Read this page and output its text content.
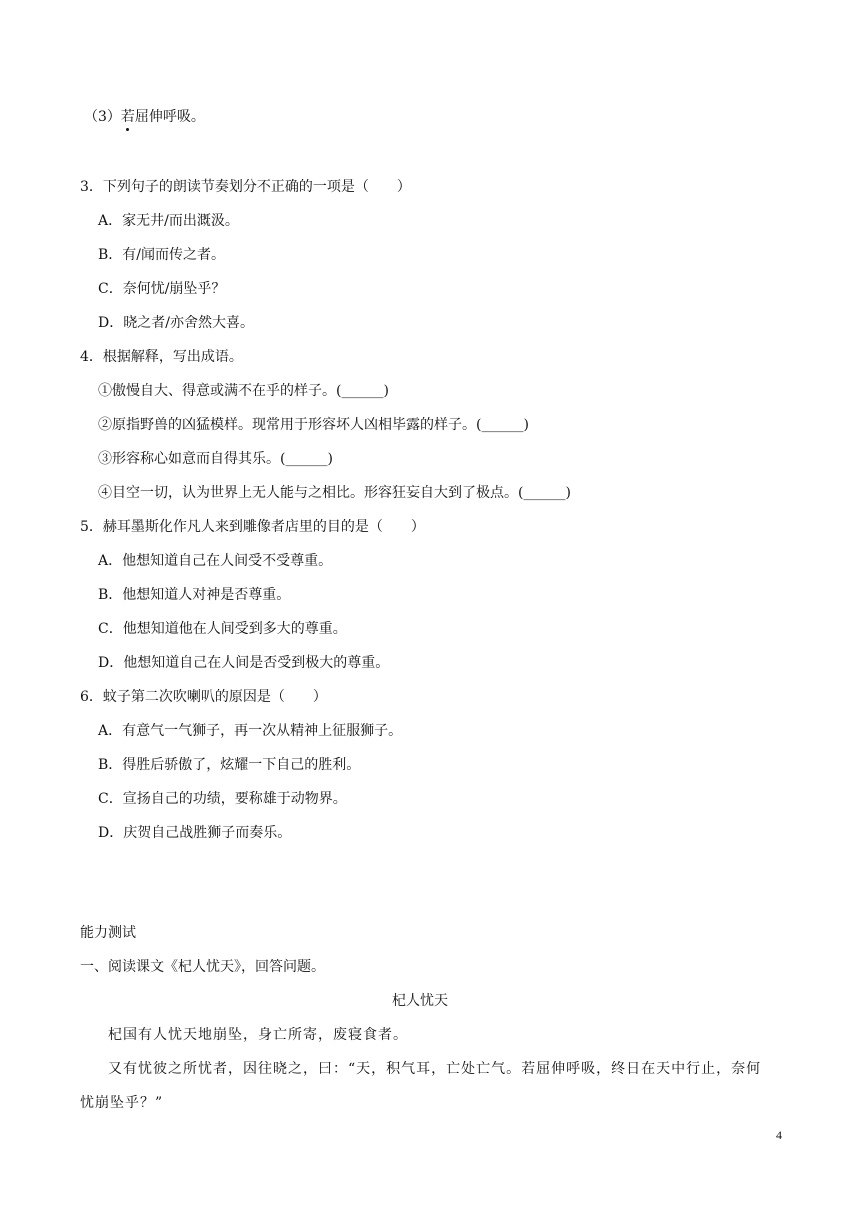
（3）若屈伸呼吸。
3．下列句子的朗读节奏划分不正确的一项是（　　）
A．家无井/而出溉汲。
B．有/闻而传之者。
C．奈何忧/崩坠乎？
D．晓之者/亦舍然大喜。
4．根据解释，写出成语。
①傲慢自大、得意或满不在乎的样子。(______)
②原指野兽的凶猛模样。现常用于形容坏人凶相毕露的样子。(______)
③形容称心如意而自得其乐。(______)
④目空一切，认为世界上无人能与之相比。形容狂妄自大到了极点。(______)
5．赫耳墨斯化作凡人来到雕像者店里的目的是（　　）
A．他想知道自己在人间受不受尊重。
B．他想知道人对神是否尊重。
C．他想知道他在人间受到多大的尊重。
D．他想知道自己在人间是否受到极大的尊重。
6．蚊子第二次吹喇叭的原因是（　　）
A．有意气一气狮子，再一次从精神上征服狮子。
B．得胜后骄傲了，炫耀一下自己的胜利。
C．宣扬自己的功绩，要称雄于动物界。
D．庆贺自己战胜狮子而奏乐。
能力测试
一、阅读课文《杞人忧天》，回答问题。
杞人忧天
杞国有人忧天地崩坠，身亡所寄，废寝食者。
又有忧彼之所忧者，因往晓之，曰：“天，积气耳，亡处亡气。若屈伸呼吸，终日在天中行止，奈何
忧崩坠乎？”
4
